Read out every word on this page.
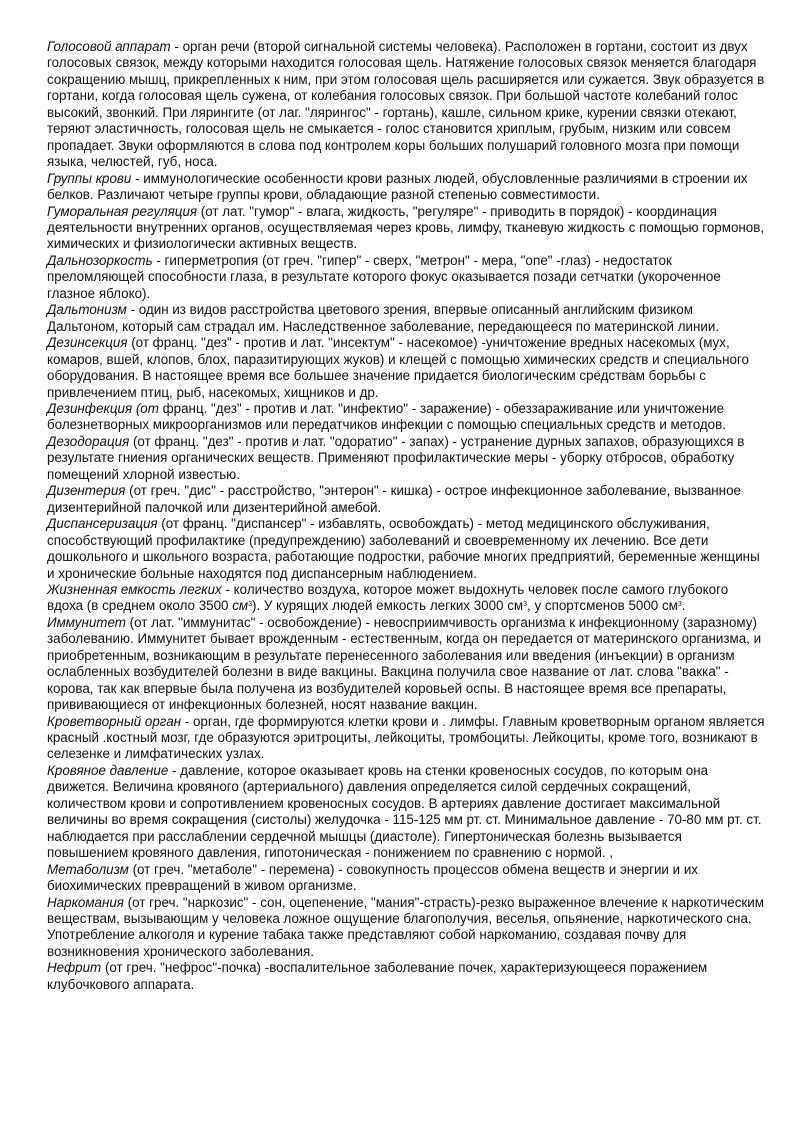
Голосовой аппарат - орган речи (второй сигнальной системы человека). Расположен в гортани, состоит из двух голосовых связок, между которыми находится голосовая щель. Натяжение голосовых связок меняется благодаря сокращению мышц, прикрепленных к ним, при этом голосовая щель расширяется или сужается. Звук образуется в гортани, когда голосовая щель сужена, от колебания голосовых связок. При большой частоте колебаний голос высокий, звонкий. При лярингите (от лаг. "лярингос" - гортань), кашле, сильном крике, курении связки отекают, теряют эластичность, голосовая щель не смыкается - голос становится хриплым, грубым, низким или совсем пропадает. Звуки оформляются в слова под контролем коры больших полушарий головного мозга при помощи языка, челюстей, губ, носа.

Группы крови - иммунологические особенности крови разных людей, обусловленные различиями в строении их белков. Различают четыре группы крови, обладающие разной степенью совместимости.

Гуморальная регуляция (от лат. "гумор" - влага, жидкость, "регуляре" - приводить в порядок) - координация деятельности внутренних органов, осуществляемая через кровь, лимфу, тканевую жидкость с помощью гормонов, химических и физиологически активных веществ.

Дальнозоркость - гиперметропия (от греч. "гипер" - сверх, "метрон" - мера, "one" -глаз) - недостаток преломляющей способности глаза, в результате которого фокус оказывается позади сетчатки (укороченное глазное яблоко).

Дальтонизм - один из видов расстройства цветового зрения, впервые описанный английским физиком Дальтоном, который сам страдал им. Наследственное заболевание, передающееся по материнской линии.

Дезинсекция (от франц. "дез" - против и лат. "инсектум" - насекомое) -уничтожение вредных насекомых (мух, комаров, вшей, клопов, блох, паразитирующих жуков) и клещей с помощью химических средств и специального оборудования. В настоящее время все большее значение придается биологическим средствам борьбы с привлечением птиц, рыб, насекомых, хищников и др.

Дезинфекция (от франц. "дез" - против и лат. "инфектио" - заражение) - обеззараживание или уничтожение болезнетворных микроорганизмов или передатчиков инфекции с помощью специальных средств и методов.

Дезодорация (от франц. "дез" - против и лат. "одоратио" - запах) - устранение дурных запахов, образующихся в результате гниения органических веществ. Применяют профилактические меры - уборку отбросов, обработку помещений хлорной известью.

Дизентерия (от греч. "дис" - расстройство, "энтерон" - кишка) - острое инфекционное заболевание, вызванное дизентерийной палочкой или дизентерийной амебой.

Диспансеризация (от франц. "диспансер" - избавлять, освобождать) - метод медицинского обслуживания, способствующий профилактике (предупреждению) заболеваний и своевременному их лечению. Все дети дошкольного и школьного возраста, работающие подростки, рабочие многих предприятий, беременные женщины и хронические больные находятся под диспансерным наблюдением.

Жизненная емкость легких - количество воздуха, которое может выдохнуть человек после самого глубокого вдоха (в среднем около 3500 $см^3$). У курящих людей емкость легких 3000 $см^3$, у спортсменов 5000 $см^3$.

Иммунитет (от лат. "иммунитас" - освобождение) - невосприимчивость организма к инфекционному (заразному) заболеванию. Иммунитет бывает врожденным - естественным, когда он передается от материнского организма, и приобретенным, возникающим в результате перенесенного заболевания или введения (инъекции) в организм ослабленных возбудителей болезни в виде вакцины. Вакцина получила свое название от лат. слова "вакка" - корова, так как впервые была получена из возбудителей коровьей оспы. В настоящее время все препараты, прививающиеся от инфекционных болезней, носят название вакцин.

Кроветворный орган - орган, где формируются клетки крови и . лимфы. Главным кроветворным органом является красный .костный мозг, где образуются эритроциты, лейкоциты, тромбоциты. Лейкоциты, кроме того, возникают в селезенке и лимфатических узлах.

Кровяное давление - давление, которое оказывает кровь на стенки кровеносных сосудов, по которым она движется. Величина кровяного (артериального) давления определяется силой сердечных сокращений, количеством крови и сопротивлением кровеносных сосудов. В артериях давление достигает максимальной величины во время сокращения (систолы) желудочка - 115-125 мм рт. ст. Минимальное давление - 70-80 мм рт. ст. наблюдается при расслаблении сердечной мышцы (диастоле). Гипертоническая болезнь вызывается повышением кровяного давления, гипотоническая - понижением по сравнению с нормой. ,

Метаболизм (от греч. "метаболе" - перемена) - совокупность процессов обмена веществ и энергии и их биохимических превращений в живом организме.

Наркомания (от греч. "наркозис" - сон, оцепенение, "мания"-страсть)-резко выраженное влечение к наркотическим веществам, вызывающим у человека ложное ощущение благополучия, веселья, опьянение, наркотического сна. Употребление алкоголя и курение табака также представляют собой наркоманию, создавая почву для возникновения хронического заболевания.

Нефрит (от греч. "нефрос"-почка) -воспалительное заболевание почек, характеризующееся поражением клубочкового аппарата.
